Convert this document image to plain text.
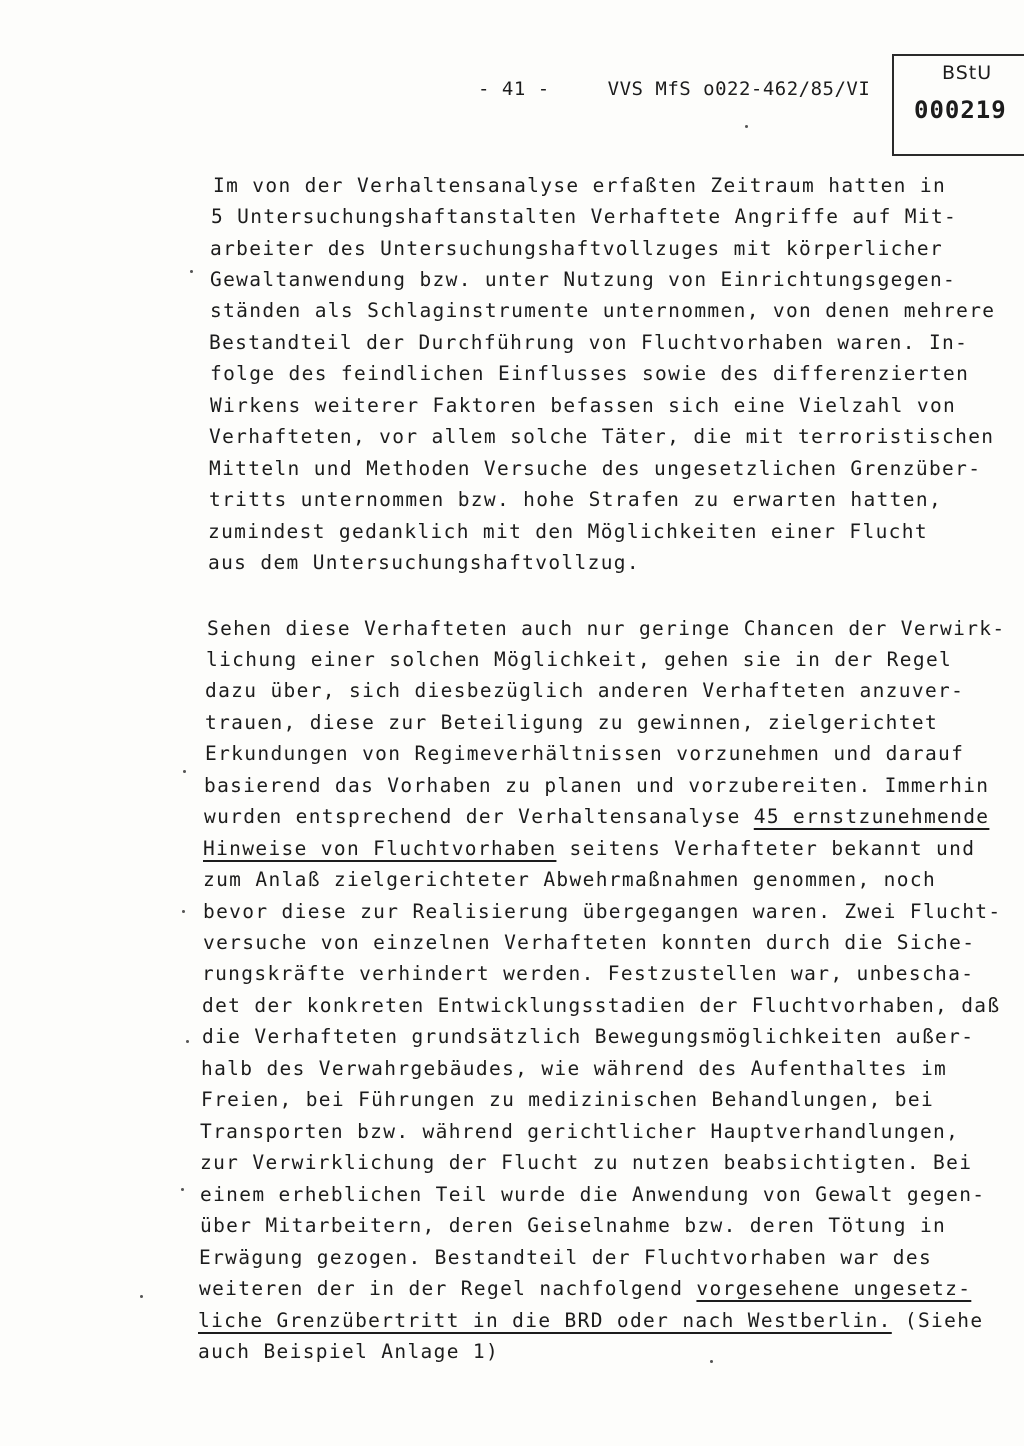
- 41 -	VVS MfS o022-462/85/VI
BStU
000219
Im von der Verhaltensanalyse erfaßten Zeitraum hatten in
5 Untersuchungshaftanstalten Verhaftete Angriffe auf Mit-
arbeiter des Untersuchungshaftvollzuges mit körperlicher
Gewaltanwendung bzw. unter Nutzung von Einrichtungsgegen-
ständen als Schlaginstrumente unternommen, von denen mehrere
Bestandteil der Durchführung von Fluchtvorhaben waren. In-
folge des feindlichen Einflusses sowie des differenzierten
Wirkens weiterer Faktoren befassen sich eine Vielzahl von
Verhafteten, vor allem solche Täter, die mit terroristischen
Mitteln und Methoden Versuche des ungesetzlichen Grenzüber-
tritts unternommen bzw. hohe Strafen zu erwarten hatten,
zumindest gedanklich mit den Möglichkeiten einer Flucht
aus dem Untersuchungshaftvollzug.
Sehen diese Verhafteten auch nur geringe Chancen der Verwirk-
lichung einer solchen Möglichkeit, gehen sie in der Regel
dazu über, sich diesbezüglich anderen Verhafteten anzuver-
trauen, diese zur Beteiligung zu gewinnen, zielgerichtet
Erkundungen von Regimeverhältnissen vorzunehmen und darauf
basierend das Vorhaben zu planen und vorzubereiten. Immerhin
wurden entsprechend der Verhaltensanalyse 45 ernstzunehmende
Hinweise von Fluchtvorhaben seitens Verhafteter bekannt und
zum Anlaß zielgerichteter Abwehrmaßnahmen genommen, noch
bevor diese zur Realisierung übergegangen waren. Zwei Flucht-
versuche von einzelnen Verhafteten konnten durch die Siche-
rungskräfte verhindert werden. Festzustellen war, unbescha-
det der konkreten Entwicklungsstadien der Fluchtvorhaben, daß
die Verhafteten grundsätzlich Bewegungsmöglichkeiten außer-
halb des Verwahrgebäudes, wie während des Aufenthaltes im
Freien, bei Führungen zu medizinischen Behandlungen, bei
Transporten bzw. während gerichtlicher Hauptverhandlungen,
zur Verwirklichung der Flucht zu nutzen beabsichtigten. Bei
einem erheblichen Teil wurde die Anwendung von Gewalt gegen-
über Mitarbeitern, deren Geiselnahme bzw. deren Tötung in
Erwägung gezogen. Bestandteil der Fluchtvorhaben war des
weiteren der in der Regel nachfolgend vorgesehene ungesetz-
liche Grenzübertritt in die BRD oder nach Westberlin. (Siehe
auch Beispiel Anlage 1)
